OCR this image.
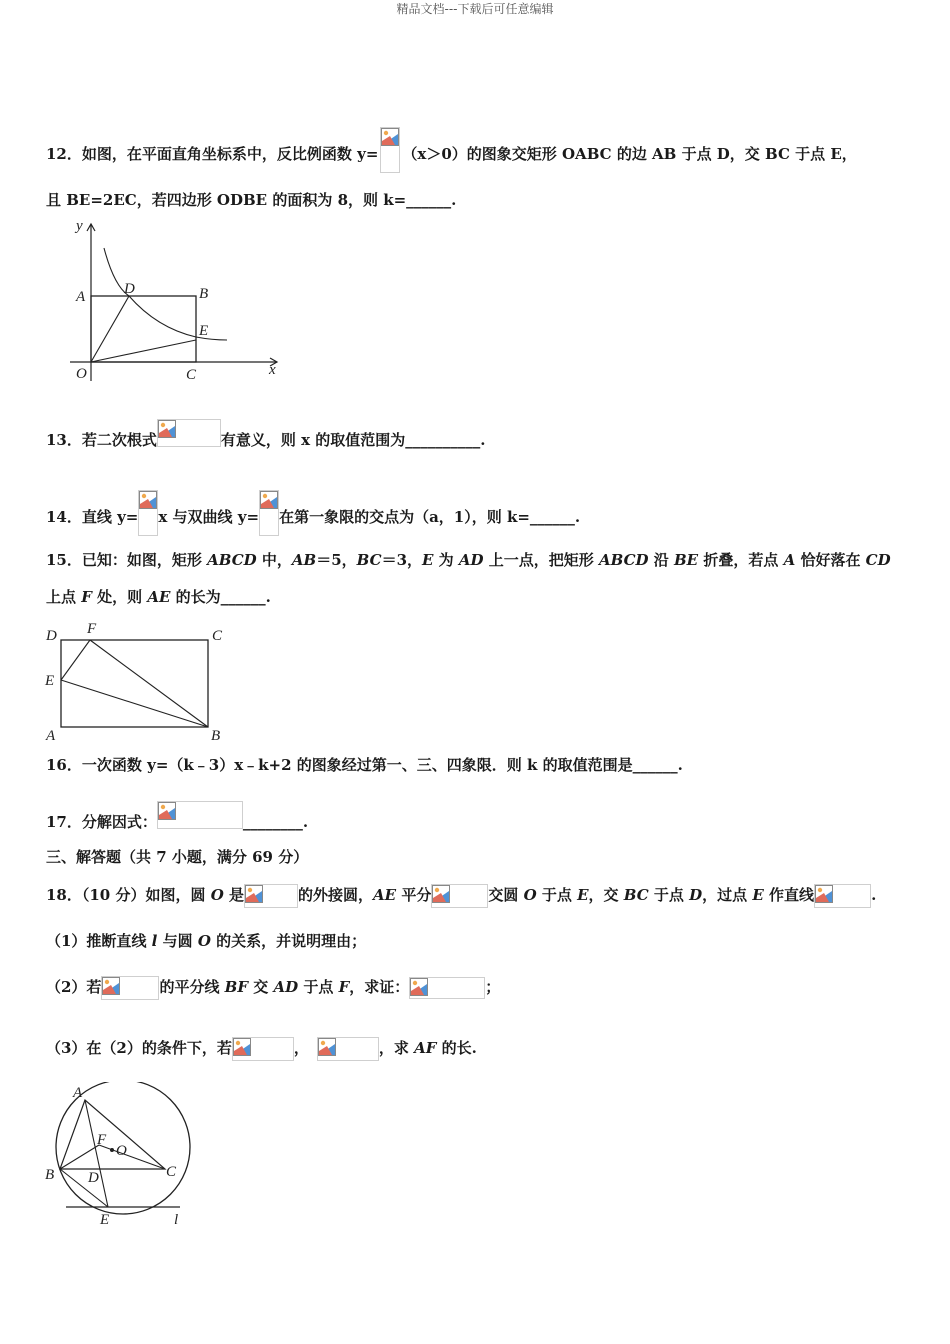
精品文档---下载后可任意编辑
12．如图，在平面直角坐标系中，反比例函数 y= （x＞0）的图象交矩形 OABC 的边 AB 于点 D，交 BC 于点 E，
且 BE=2EC，若四边形 ODBE 的面积为 8，则 k=______.
y
x
O
A	B
C
D
E
13．若二次根式	有意义，则 x 的取值范围为__________.
14．直线 y= x 与双曲线 y= 在第一象限的交点为（a，1），则 k=______.
15．已知：如图，矩形 ABCD 中，AB＝5，BC＝3，E 为 AD 上一点，把矩形 ABCD 沿 BE 折叠，若点 A 恰好落在 CD
上点 F 处，则 AE 的长为______.
D F	C
E
A	B
16．一次函数 y=（k﹣3）x﹣k+2 的图象经过第一、三、四象限．则 k 的取值范围是______.
17．分解因式：	________.
三、解答题（共 7 小题，满分 69 分）
18．（10 分）如图，圆 O 是	的外接圆，AE 平分	交圆 O 于点 E，交 BC 于点 D，过点 E 作直线	.
（1）推断直线 l 与圆 O 的关系，并说明理由；
（2）若	的平分线 BF 交 AD 于点 F，求证：	；
（3）在（2）的条件下，若	，	，求 AF 的长.
A
B	C
D
E
F
O
l
